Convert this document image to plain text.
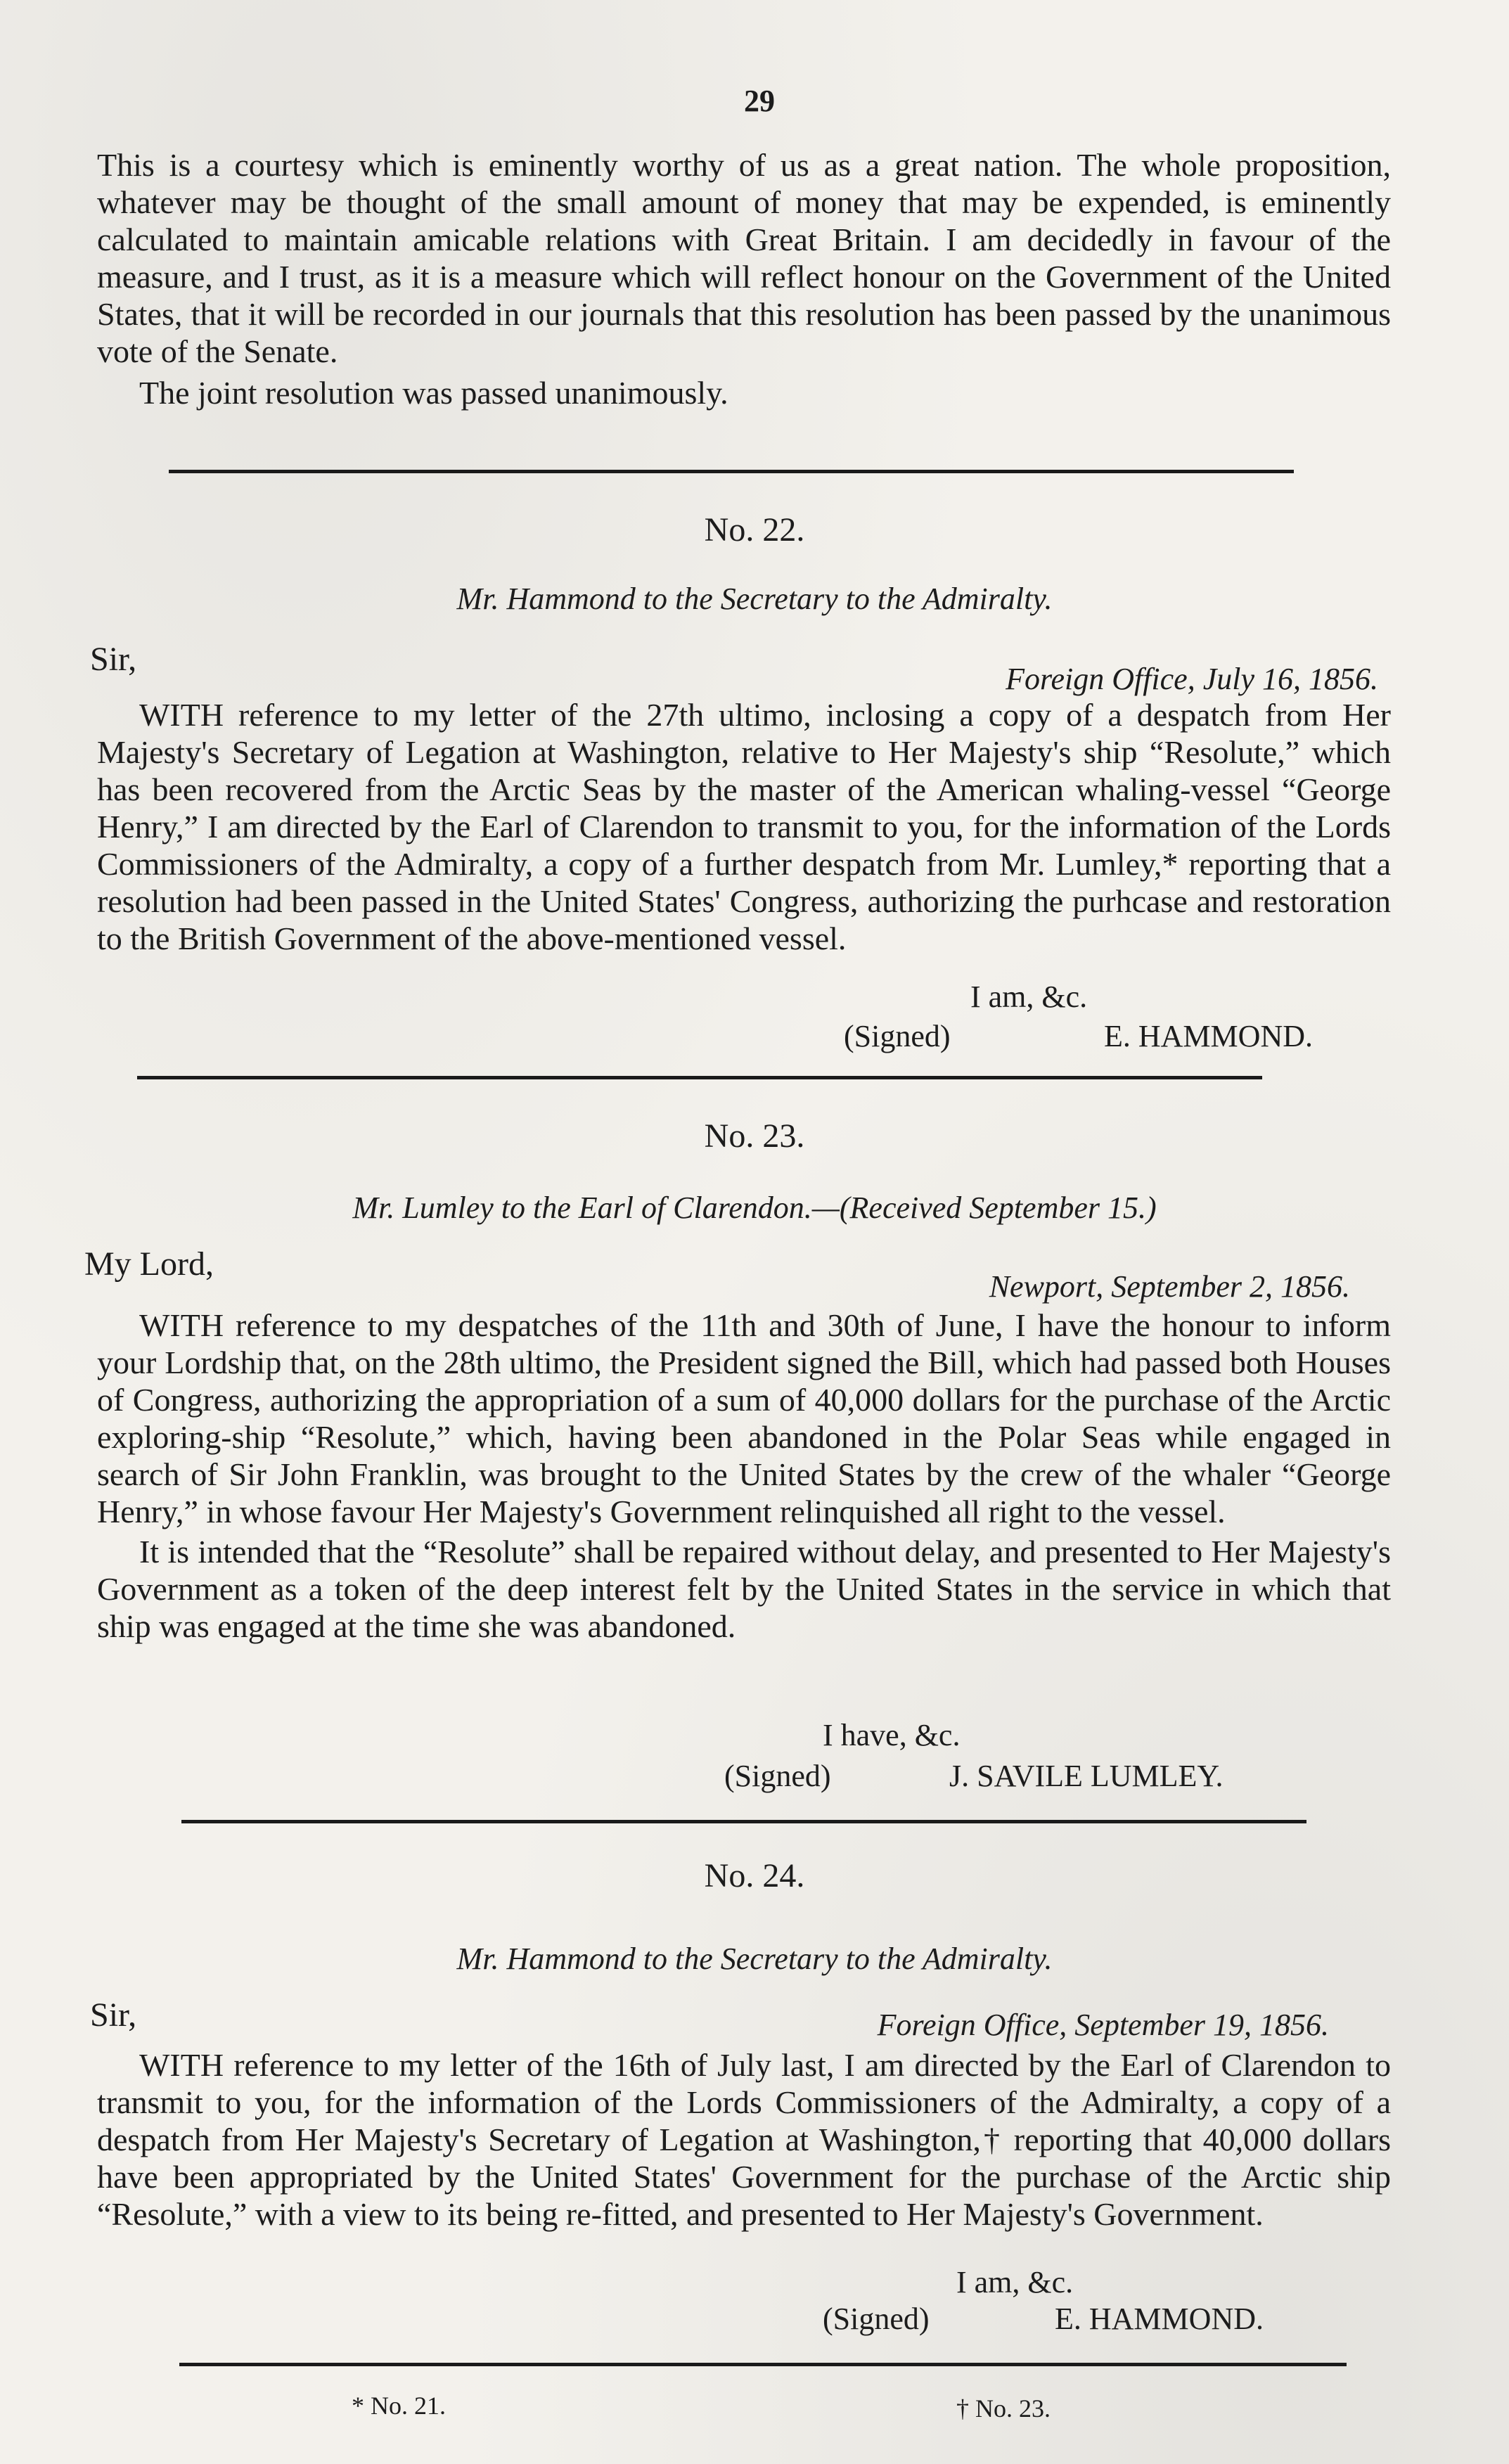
29

This is a courtesy which is eminently worthy of us as a great nation. The whole proposition, whatever may be thought of the small amount of money that may be expended, is eminently calculated to maintain amicable relations with Great Britain. I am decidedly in favour of the measure, and I trust, as it is a measure which will reflect honour on the Government of the United States, that it will be recorded in our journals that this resolution has been passed by the unanimous vote of the Senate.

The joint resolution was passed unanimously.

No. 22.
Mr. Hammond to the Secretary to the Admiralty.
Sir,
Foreign Office, July 16, 1856.

WITH reference to my letter of the 27th ultimo, inclosing a copy of a despatch from Her Majesty's Secretary of Legation at Washington, relative to Her Majesty's ship “Resolute,” which has been recovered from the Arctic Seas by the master of the American whaling-vessel “George Henry,” I am directed by the Earl of Clarendon to transmit to you, for the information of the Lords Commissioners of the Admiralty, a copy of a further despatch from Mr. Lumley,* reporting that a resolution had been passed in the United States' Congress, authorizing the purhcase and restoration to the British Government of the above-mentioned vessel.

I am, &c.
(Signed)	E. HAMMOND.
No. 23.
Mr. Lumley to the Earl of Clarendon.—(Received September 15.)
My Lord,
Newport, September 2, 1856.

WITH reference to my despatches of the 11th and 30th of June, I have the honour to inform your Lordship that, on the 28th ultimo, the President signed the Bill, which had passed both Houses of Congress, authorizing the appropriation of a sum of 40,000 dollars for the purchase of the Arctic exploring-ship “Resolute,” which, having been abandoned in the Polar Seas while engaged in search of Sir John Franklin, was brought to the United States by the crew of the whaler “George Henry,” in whose favour Her Majesty's Government relinquished all right to the vessel.

It is intended that the “Resolute” shall be repaired without delay, and presented to Her Majesty's Government as a token of the deep interest felt by the United States in the service in which that ship was engaged at the time she was abandoned.

I have, &c.
(Signed)	J. SAVILE LUMLEY.
No. 24.
Mr. Hammond to the Secretary to the Admiralty.
Sir,	Foreign Office, September 19, 1856.

WITH reference to my letter of the 16th of July last, I am directed by the Earl of Clarendon to transmit to you, for the information of the Lords Commissioners of the Admiralty, a copy of a despatch from Her Majesty's Secretary of Legation at Washington,† reporting that 40,000 dollars have been appropriated by the United States' Government for the purchase of the Arctic ship “Resolute,” with a view to its being re-fitted, and presented to Her Majesty's Government.

I am, &c.
(Signed)	E. HAMMOND.
* No. 21.	† No. 23.
